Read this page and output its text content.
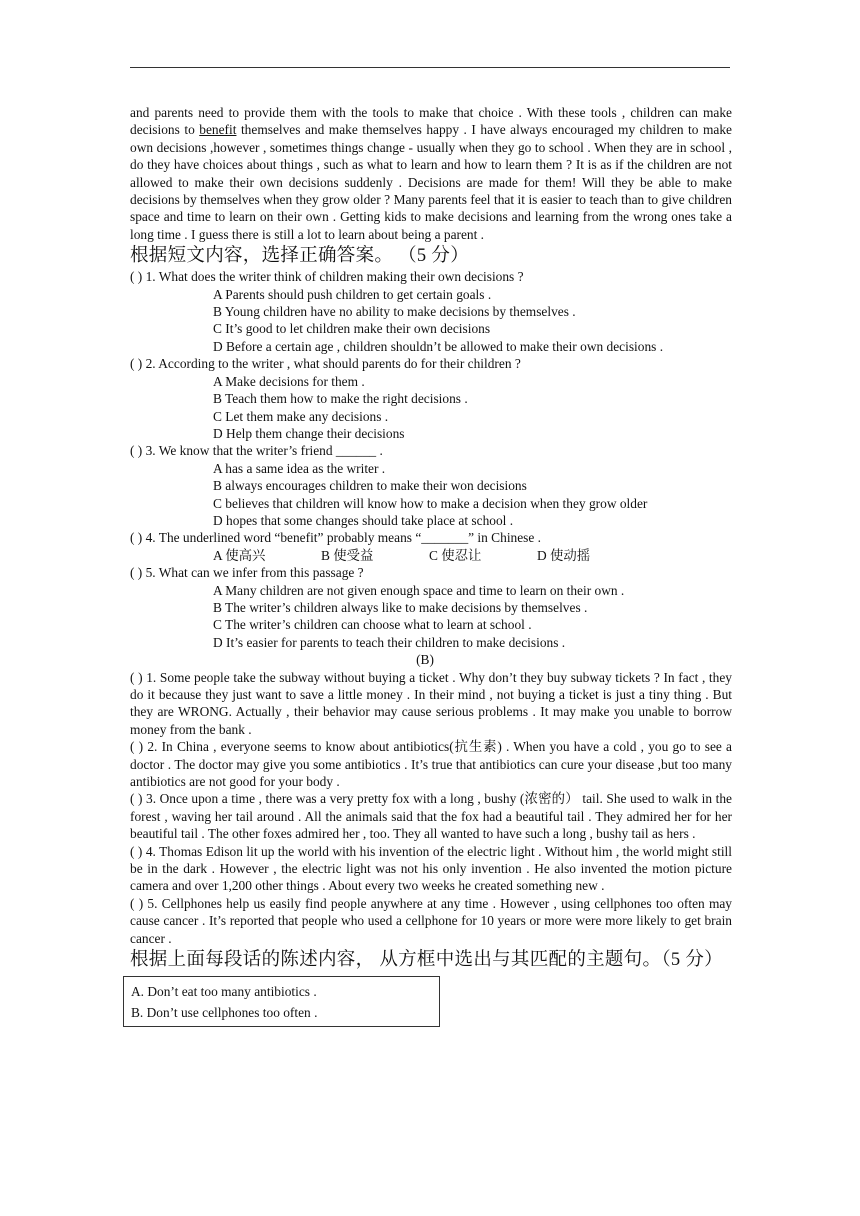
and parents need to provide them with the tools to make that choice . With these tools , children can make decisions to benefit themselves and make themselves happy . I have always encouraged my children to make own decisions ,however , sometimes things change - usually when they go to school . When they are in school , do they have choices about things , such as what to learn and how to learn them ? It is as if the children are not allowed to make their own decisions suddenly . Decisions are made for them! Will they be able to make decisions by themselves when they grow older ? Many parents feel that it is easier to teach than to give children space and time to learn on their own . Getting kids to make decisions and learning from the wrong ones take a long time . I guess there is still a lot to learn about being a parent .

根据短文内容，选择正确答案。 （5 分）

( ) 1. What does the writer think of children making their own decisions ?

A Parents should push children to get certain goals .

B Young children have no ability to make decisions by themselves .

C It’s good to let children make their own decisions

D Before a certain age , children shouldn’t be allowed to make their own decisions .

( ) 2. According to the writer , what should parents do for their children ?

A Make decisions for them .

B Teach them how to make the right decisions .

C Let them make any decisions .

D Help them change their decisions

( ) 3. We know that the writer’s friend ______ .

A has a same idea as the writer .

B always encourages children to make their won decisions

C believes that children will know how to make a decision when they grow older

D hopes that some changes should take place at school .

( ) 4. The underlined word “benefit” probably means “_______” in Chinese .

A 使高兴	B 使受益	C 使忍让	D 使动摇

( ) 5. What can we infer from this passage ?

A Many children are not given enough space and time to learn on their own .

B The writer’s children always like to make decisions by themselves .

C The writer’s children can choose what to learn at school .

D It’s easier for parents to teach their children to make decisions .

(B)

( ) 1. Some people take the subway without buying a ticket . Why don’t they buy subway tickets ? In fact , they do it because they just want to save a little money . In their mind , not buying a ticket is just a tiny thing . But they are WRONG. Actually , their behavior may cause serious problems . It may make you unable to borrow money from the bank .

( ) 2. In China , everyone seems to know about antibiotics(抗生素) . When you have a cold , you go to see a doctor . The doctor may give you some antibiotics . It’s true that antibiotics can cure your disease ,but too many antibiotics are not good for your body .

( ) 3. Once upon a time , there was a very pretty fox with a long , bushy (浓密的） tail. She used to walk in the forest , waving her tail around . All the animals said that the fox had a beautiful tail . They admired her for her beautiful tail . The other foxes admired her , too. They all wanted to have such a long , bushy tail as hers .

( ) 4. Thomas Edison lit up the world with his invention of the electric light . Without him , the world might still be in the dark . However , the electric light was not his only invention . He also invented the motion picture camera and over 1,200 other things . About every two weeks he created something new .

( ) 5. Cellphones help us easily find people anywhere at any time . However , using cellphones too often may cause cancer . It’s reported that people who used a cellphone for 10 years or more were more likely to get brain cancer .

根据上面每段话的陈述内容， 从方框中选出与其匹配的主题句。（5 分）

A. Don’t eat too many antibiotics .
B. Don’t use cellphones too often .
